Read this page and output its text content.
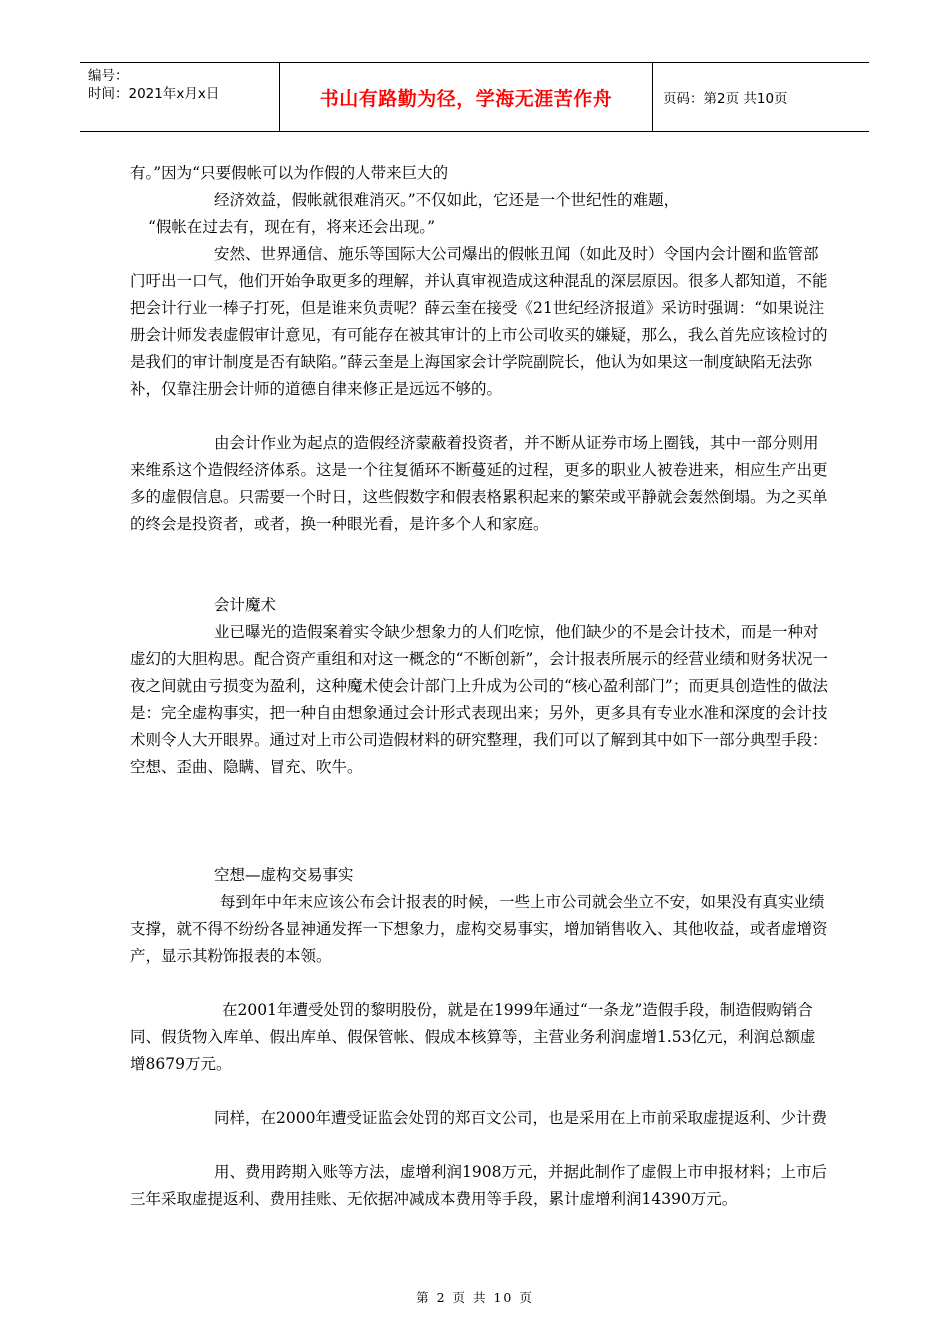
编号：
时间：2021年x月x日	书山有路勤为径，学海无涯苦作舟	页码：第2页 共10页

有。”因为“只要假帐可以为作假的人带来巨大的

经济效益，假帐就很难消灭。”不仅如此，它还是一个世纪性的难题，

“假帐在过去有，现在有，将来还会出现。”

安然、世界通信、施乐等国际大公司爆出的假帐丑闻（如此及时）令国内会计圈和监管部门吁出一口气，他们开始争取更多的理解，并认真审视造成这种混乱的深层原因。很多人都知道，不能把会计行业一棒子打死，但是谁来负责呢？薛云奎在接受《21世纪经济报道》采访时强调：“如果说注册会计师发表虚假审计意见，有可能存在被其审计的上市公司收买的嫌疑，那么，我么首先应该检讨的是我们的审计制度是否有缺陷。”薛云奎是上海国家会计学院副院长，他认为如果这一制度缺陷无法弥补，仅靠注册会计师的道德自律来修正是远远不够的。

由会计作业为起点的造假经济蒙蔽着投资者，并不断从证券市场上圈钱，其中一部分则用来维系这个造假经济体系。这是一个往复循环不断蔓延的过程，更多的职业人被卷进来，相应生产出更多的虚假信息。只需要一个时日，这些假数字和假表格累积起来的繁荣或平静就会轰然倒塌。为之买单的终会是投资者，或者，换一种眼光看，是许多个人和家庭。

会计魔术

业已曝光的造假案着实令缺少想象力的人们吃惊，他们缺少的不是会计技术，而是一种对虚幻的大胆构思。配合资产重组和对这一概念的“不断创新”，会计报表所展示的经营业绩和财务状况一夜之间就由亏损变为盈利，这种魔术使会计部门上升成为公司的“核心盈利部门”；而更具创造性的做法是：完全虚构事实，把一种自由想象通过会计形式表现出来；另外，更多具有专业水准和深度的会计技术则令人大开眼界。通过对上市公司造假材料的研究整理，我们可以了解到其中如下一部分典型手段：空想、歪曲、隐瞒、冒充、吹牛。

空想—虚构交易事实

每到年中年末应该公布会计报表的时候，一些上市公司就会坐立不安，如果没有真实业绩支撑，就不得不纷纷各显神通发挥一下想象力，虚构交易事实，增加销售收入、其他收益，或者虚增资产，显示其粉饰报表的本领。

在2001年遭受处罚的黎明股份，就是在1999年通过“一条龙”造假手段，制造假购销合同、假货物入库单、假出库单、假保管帐、假成本核算等，主营业务利润虚增1.53亿元，利润总额虚增8679万元。

同样，在2000年遭受证监会处罚的郑百文公司，也是采用在上市前采取虚提返利、少计费

用、费用跨期入账等方法，虚增利润1908万元，并据此制作了虚假上市申报材料；上市后三年采取虚提返利、费用挂账、无依据冲减成本费用等手段，累计虚增利润14390万元。

第 2 页 共 10 页
